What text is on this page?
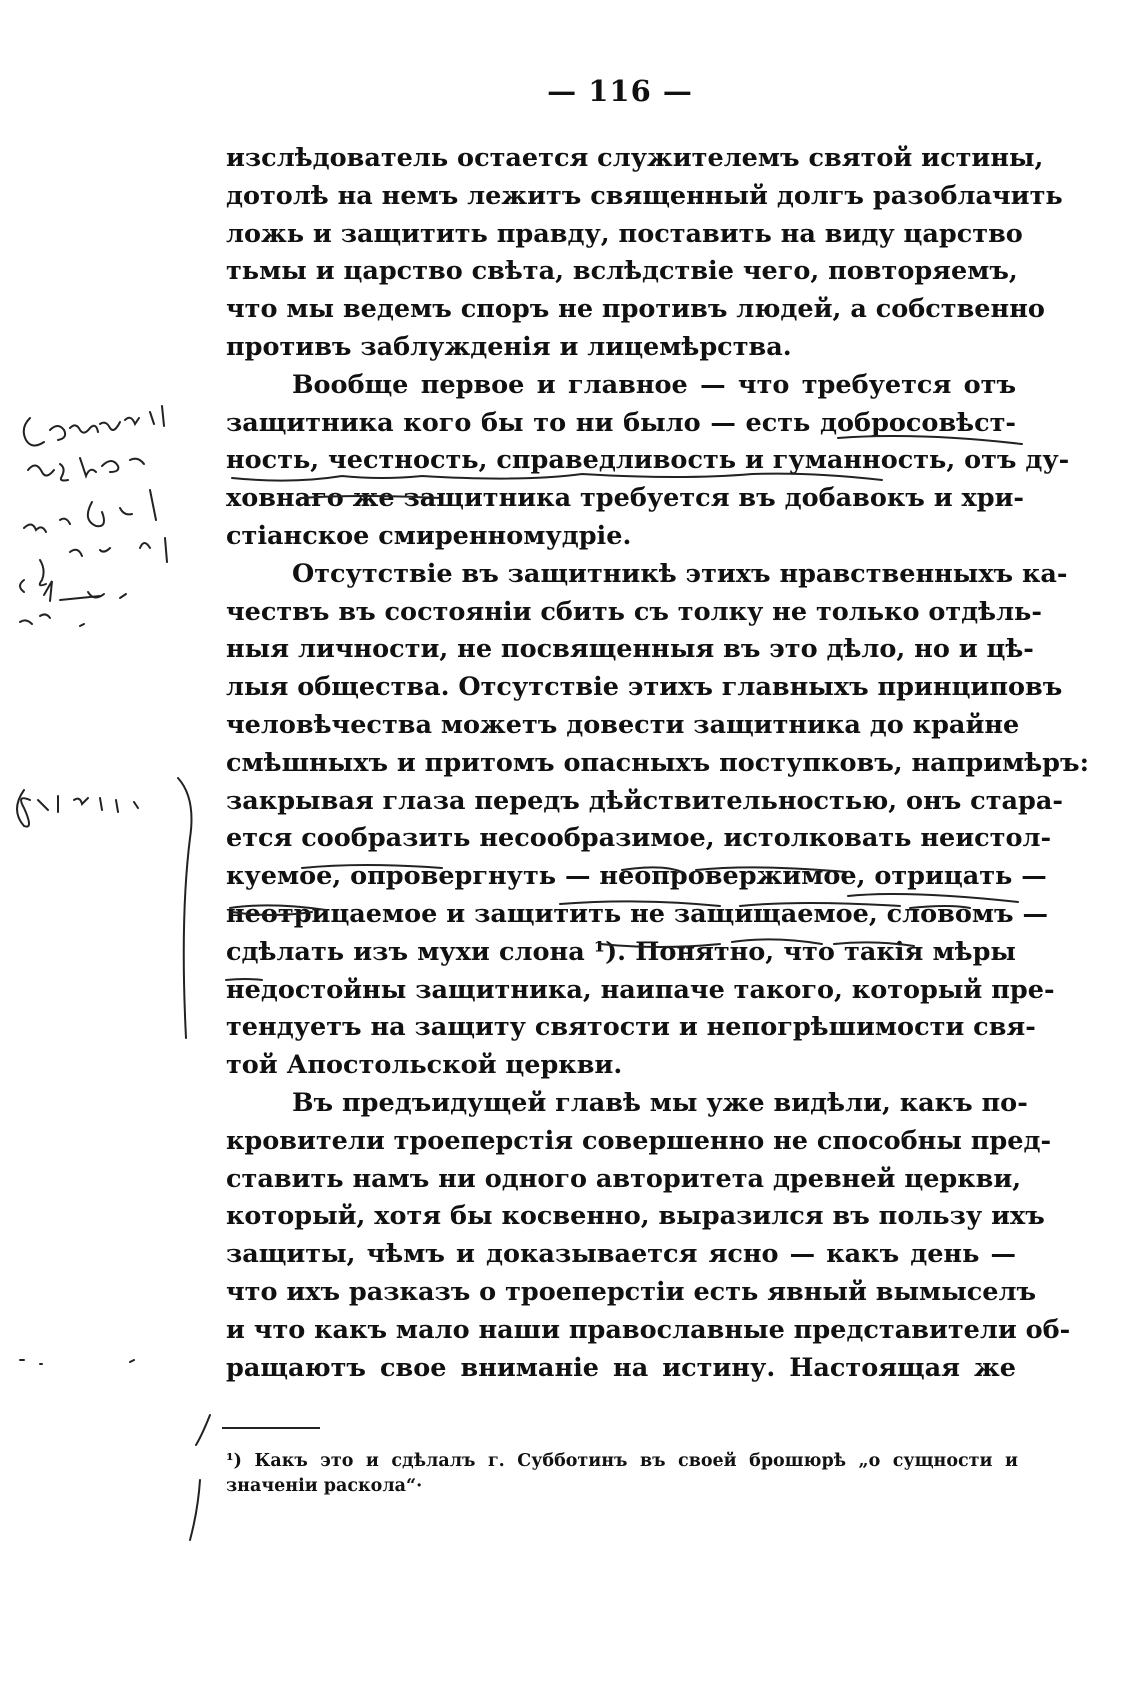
— 116 —
изслѣдователь остается служителемъ святой истины,
дотолѣ на немъ лежитъ священный долгъ разоблачить
ложь и защитить правду, поставить на виду царство
тьмы и царство свѣта, вслѣдствіе чего, повторяемъ,
что мы ведемъ споръ не противъ людей, а собственно
противъ заблужденія и лицемѣрства.
Вообще первое и главное — что требуется отъ
защитника кого бы то ни было — есть добросовѣст-
ность, честность, справедливость и гуманность, отъ ду-
ховнаго же защитника требуется въ добавокъ и хри-
стіанское смиренномудріе.
Отсутствіе въ защитникѣ этихъ нравственныхъ ка-
чествъ въ состояніи сбить съ толку не только отдѣль-
ныя личности, не посвященныя въ это дѣло, но и цѣ-
лыя общества. Отсутствіе этихъ главныхъ принциповъ
человѣчества можетъ довести защитника до крайне
смѣшныхъ и притомъ опасныхъ поступковъ, напримѣръ:
закрывая глаза передъ дѣйствительностью, онъ старa-
ется сообразить несообразимое, истолковать неистол-
куемое, опровергнуть — неопровержимое, отрицать —
неотрицаемое и защитить не защищаемое, словомъ —
сдѣлать изъ мухи слона ¹). Понятно, что такія мѣры
недостойны защитника, наипаче такого, который пре-
тендуетъ на защиту святости и непогрѣшимости свя-
той Апостольской церкви.
Въ предъидущей главѣ мы уже видѣли, какъ по-
кровители троеперстія совершенно не способны пред-
ставить намъ ни одного авторитета древней церкви,
который, хотя бы косвенно, выразился въ пользу ихъ
защиты, чѣмъ и доказывается ясно — какъ день —
что ихъ разказъ о троеперстіи есть явный вымыселъ
и что какъ мало наши православные представители об-
ращаютъ свое вниманіе на истину. Настоящая же
¹) Какъ это и сдѣлалъ г. Субботинъ въ своей брошюрѣ „о сущности и
значеніи раскола“·
